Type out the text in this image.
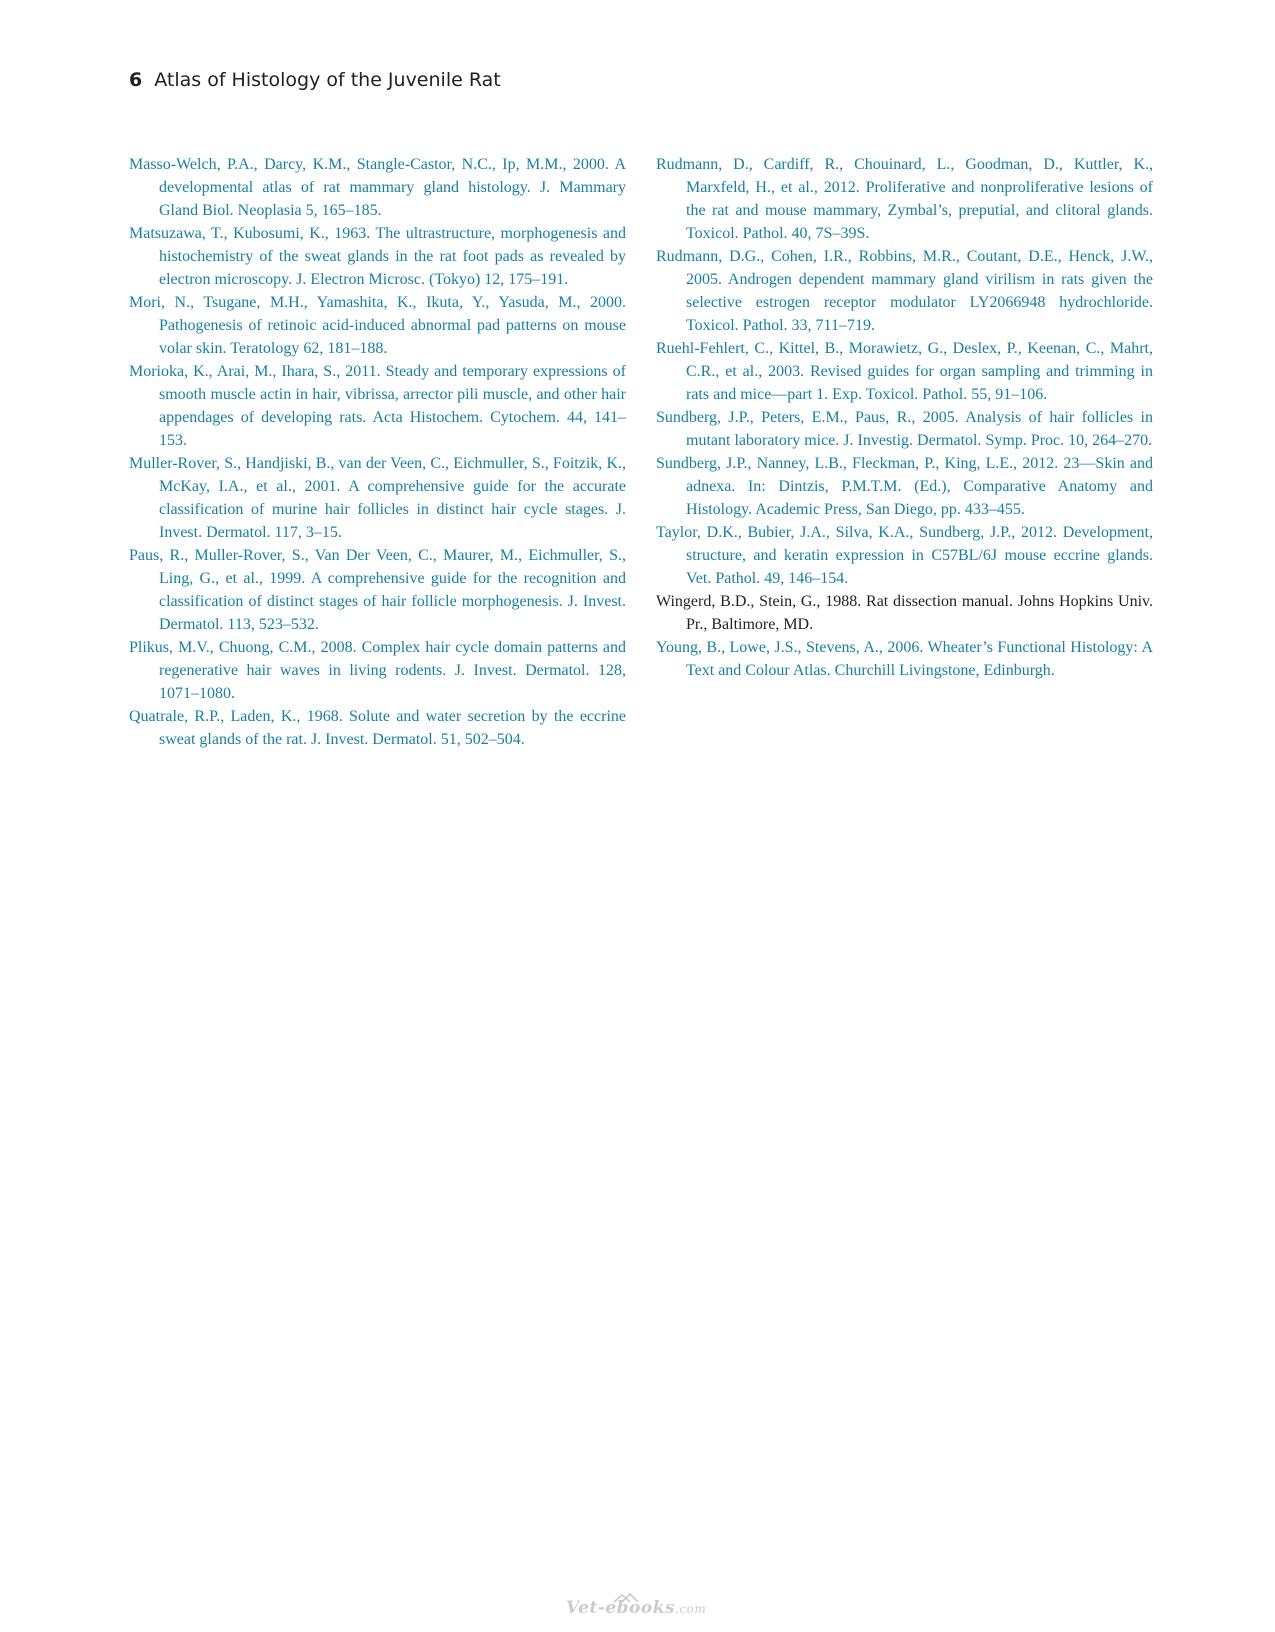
6 Atlas of Histology of the Juvenile Rat

Masso-Welch, P.A., Darcy, K.M., Stangle-Castor, N.C., Ip, M.M., 2000. A developmental atlas of rat mammary gland histology. J. Mammary Gland Biol. Neoplasia 5, 165–185.

Matsuzawa, T., Kubosumi, K., 1963. The ultrastructure, morphogenesis and histochemistry of the sweat glands in the rat foot pads as revealed by electron microscopy. J. Electron Microsc. (Tokyo) 12, 175–191.

Mori, N., Tsugane, M.H., Yamashita, K., Ikuta, Y., Yasuda, M., 2000. Pathogenesis of retinoic acid-induced abnormal pad patterns on mouse volar skin. Teratology 62, 181–188.

Morioka, K., Arai, M., Ihara, S., 2011. Steady and temporary expressions of smooth muscle actin in hair, vibrissa, arrector pili muscle, and other hair appendages of developing rats. Acta Histochem. Cytochem. 44, 141–153.

Muller-Rover, S., Handjiski, B., van der Veen, C., Eichmuller, S., Foitzik, K., McKay, I.A., et al., 2001. A comprehensive guide for the accurate classification of murine hair follicles in distinct hair cycle stages. J. Invest. Dermatol. 117, 3–15.

Paus, R., Muller-Rover, S., Van Der Veen, C., Maurer, M., Eichmuller, S., Ling, G., et al., 1999. A comprehensive guide for the recognition and classification of distinct stages of hair follicle morphogenesis. J. Invest. Dermatol. 113, 523–532.

Plikus, M.V., Chuong, C.M., 2008. Complex hair cycle domain patterns and regenerative hair waves in living rodents. J. Invest. Dermatol. 128, 1071–1080.

Quatrale, R.P., Laden, K., 1968. Solute and water secretion by the eccrine sweat glands of the rat. J. Invest. Dermatol. 51, 502–504.

Rudmann, D., Cardiff, R., Chouinard, L., Goodman, D., Kuttler, K., Marxfeld, H., et al., 2012. Proliferative and nonproliferative lesions of the rat and mouse mammary, Zymbal’s, preputial, and clitoral glands. Toxicol. Pathol. 40, 7S–39S.

Rudmann, D.G., Cohen, I.R., Robbins, M.R., Coutant, D.E., Henck, J.W., 2005. Androgen dependent mammary gland virilism in rats given the selective estrogen receptor modulator LY2066948 hydrochloride. Toxicol. Pathol. 33, 711–719.

Ruehl-Fehlert, C., Kittel, B., Morawietz, G., Deslex, P., Keenan, C., Mahrt, C.R., et al., 2003. Revised guides for organ sampling and trimming in rats and mice—part 1. Exp. Toxicol. Pathol. 55, 91–106.

Sundberg, J.P., Peters, E.M., Paus, R., 2005. Analysis of hair follicles in mutant laboratory mice. J. Investig. Dermatol. Symp. Proc. 10, 264–270.

Sundberg, J.P., Nanney, L.B., Fleckman, P., King, L.E., 2012. 23—Skin and adnexa. In: Dintzis, P.M.T.M. (Ed.), Comparative Anatomy and Histology. Academic Press, San Diego, pp. 433–455.

Taylor, D.K., Bubier, J.A., Silva, K.A., Sundberg, J.P., 2012. Development, structure, and keratin expression in C57BL/6J mouse eccrine glands. Vet. Pathol. 49, 146–154.

Wingerd, B.D., Stein, G., 1988. Rat dissection manual. Johns Hopkins Univ. Pr., Baltimore, MD.

Young, B., Lowe, J.S., Stevens, A., 2006. Wheater’s Functional Histology: A Text and Colour Atlas. Churchill Livingstone, Edinburgh.

Vet-ebooks.com
